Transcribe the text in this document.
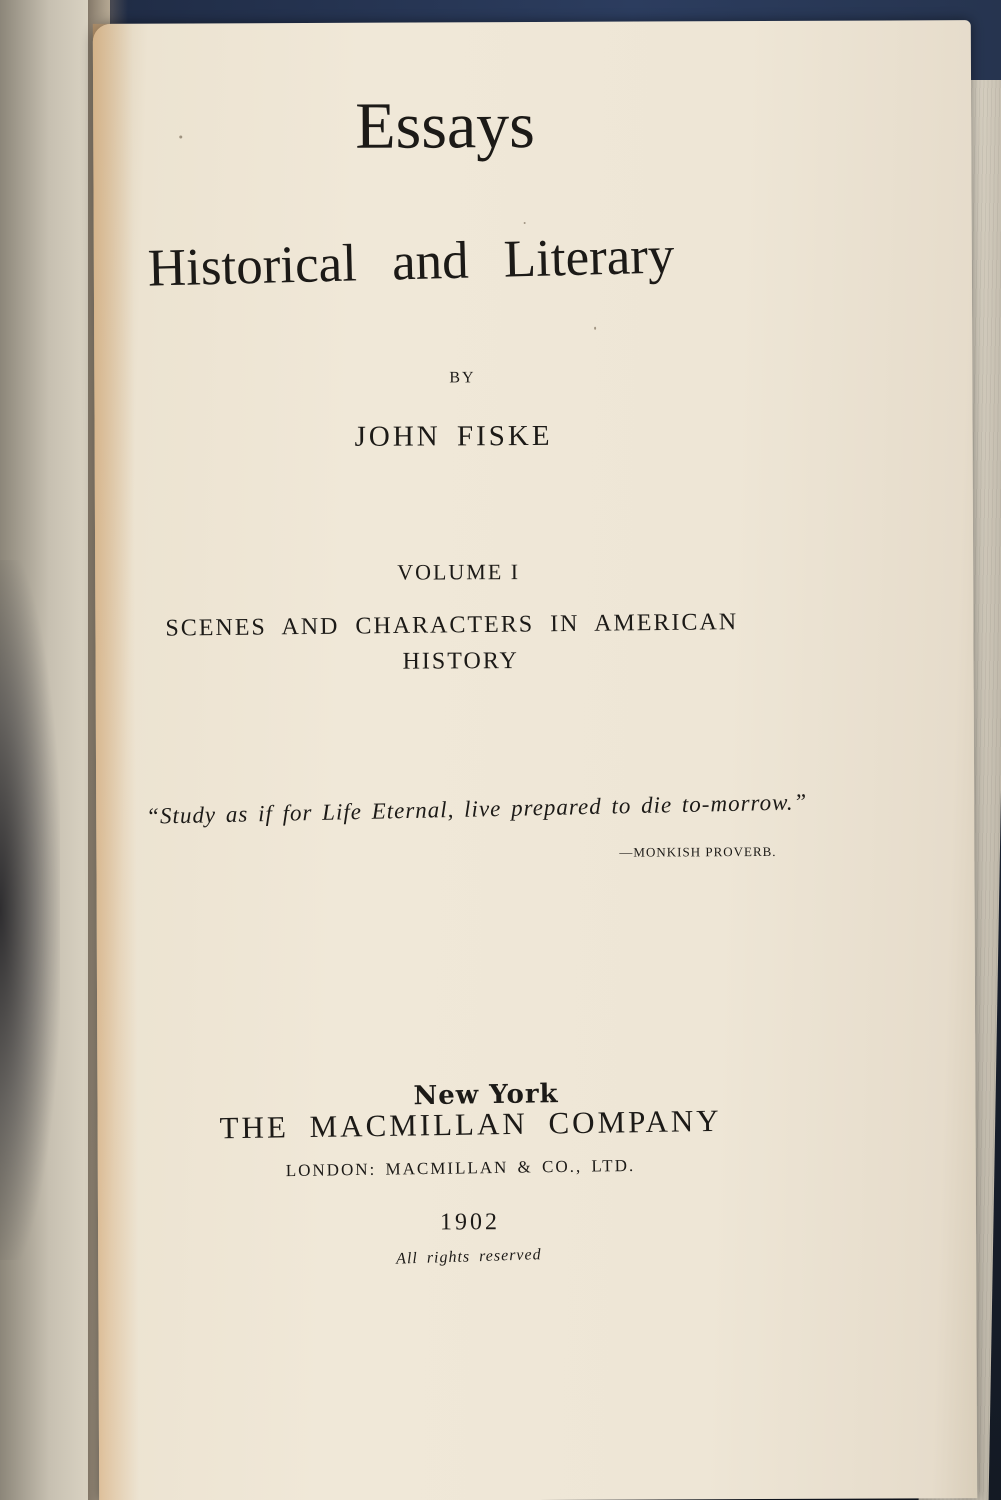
Essays
Historical and Literary
BY
JOHN FISKE
VOLUME I
SCENES AND CHARACTERS IN AMERICAN
HISTORY
“Study as if for Life Eternal, live prepared to die to-morrow.”
—MONKISH PROVERB.
New York
THE MACMILLAN COMPANY
LONDON: MACMILLAN & CO., LTD.
1902
All rights reserved
